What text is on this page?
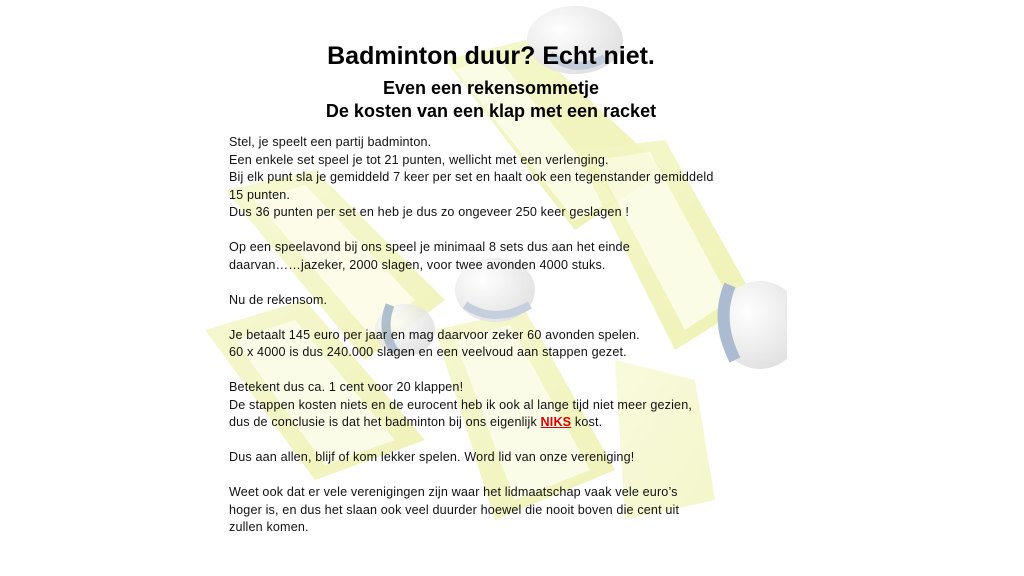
Badminton duur? Echt niet.
Even een rekensommetje
De kosten van een klap met een racket

Stel, je speelt een partij badminton.

Een enkele set speel je tot 21 punten, wellicht met een verlenging.

Bij elk punt sla je gemiddeld 7 keer per set en haalt ook een tegenstander gemiddeld

15 punten.

Dus 36 punten per set en heb je dus zo ongeveer 250 keer geslagen !

Op een speelavond bij ons speel je minimaal 8 sets dus aan het einde

daarvan……jazeker, 2000 slagen, voor twee avonden 4000 stuks.

Nu de rekensom.

Je betaalt 145 euro per jaar en mag daarvoor zeker 60 avonden spelen.

60 x 4000 is dus 240.000 slagen en een veelvoud aan stappen gezet.

Betekent dus ca. 1 cent voor 20 klappen!

De stappen kosten niets en de eurocent heb ik ook al lange tijd niet meer gezien,

dus de conclusie is dat het badminton bij ons eigenlijk NIKS kost.

Dus aan allen, blijf of kom lekker spelen. Word lid van onze vereniging!

Weet ook dat er vele verenigingen zijn waar het lidmaatschap vaak vele euro’s

hoger is, en dus het slaan ook veel duurder hoewel die nooit boven die cent uit

zullen komen.
